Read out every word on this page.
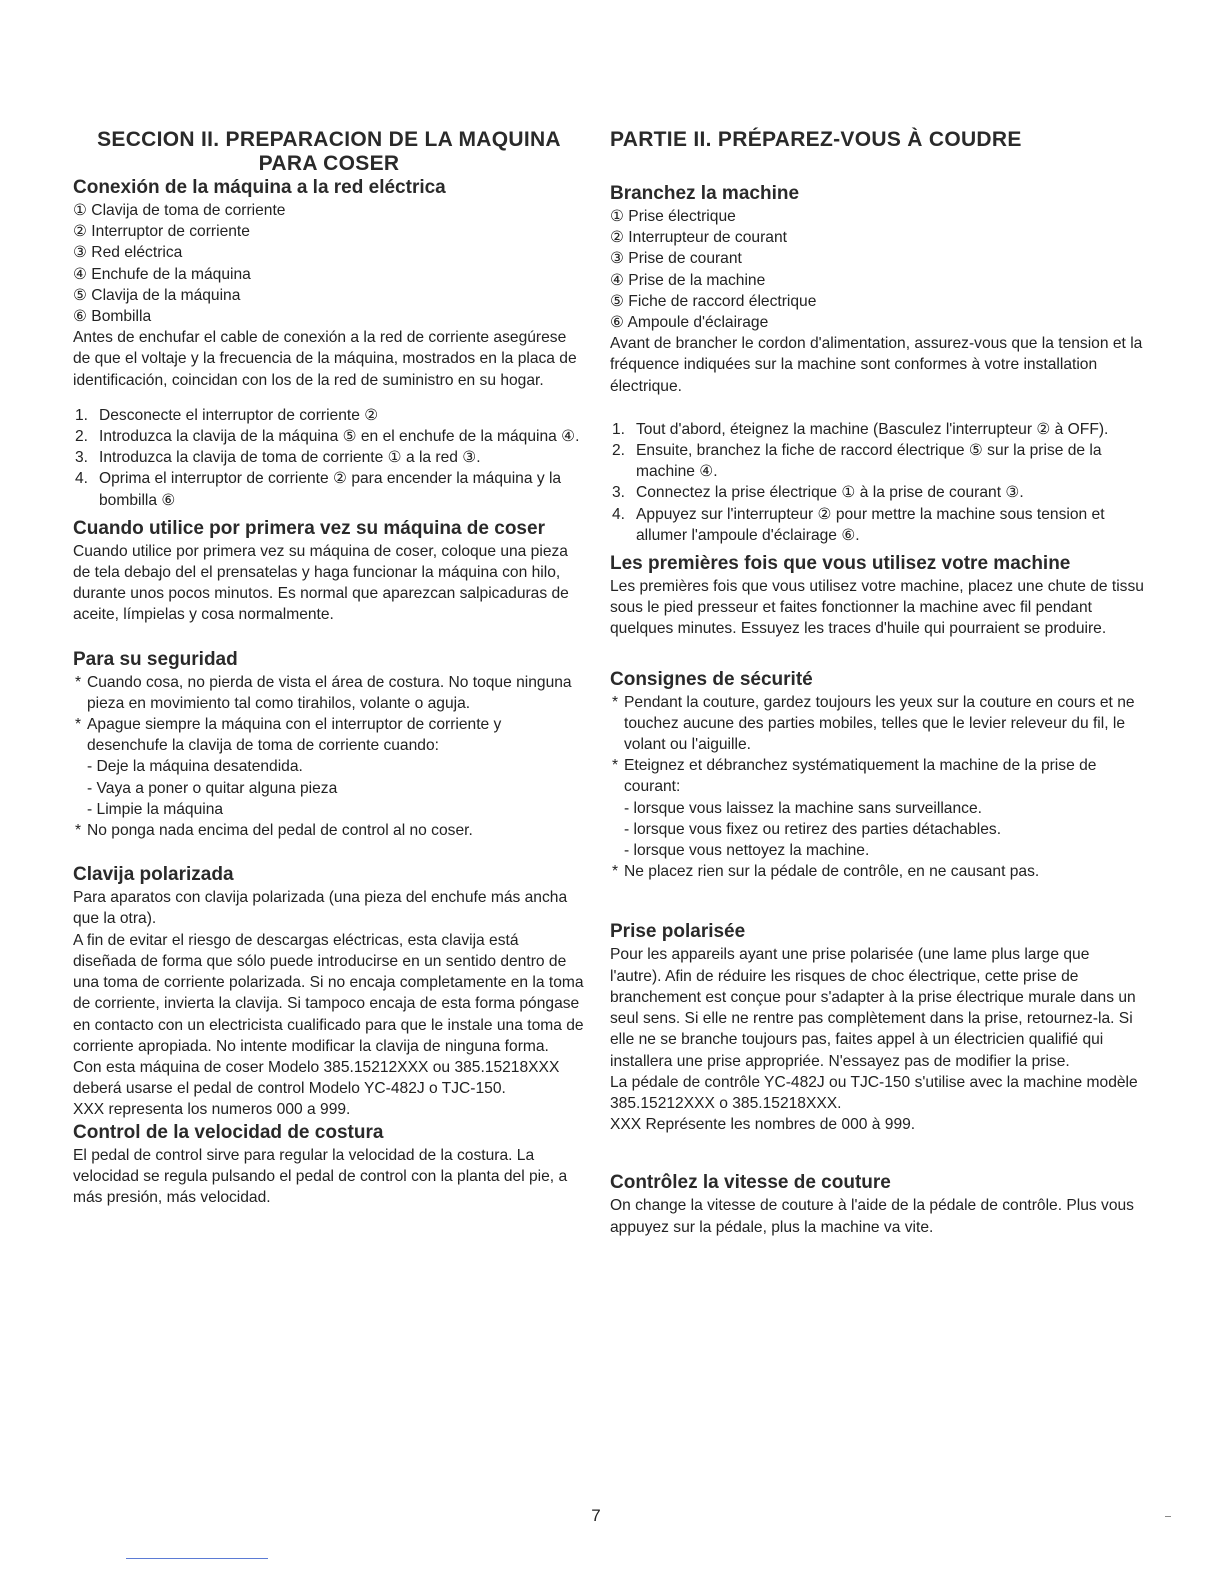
SECCION II. PREPARACION DE LA MAQUINA
PARA COSER
Conexión de la máquina a la red eléctrica
① Clavija de toma de corriente
② Interruptor de corriente
③ Red eléctrica
④ Enchufe de la máquina
⑤ Clavija de la máquina
⑥ Bombilla

Antes de enchufar el cable de conexión a la red de corriente asegúrese de que el voltaje y la frecuencia de la máquina, mostrados en la placa de identificación, coincidan con los de la red de suministro en su hogar.

1. Desconecte el interruptor de corriente ②
2. Introduzca la clavija de la máquina ⑤ en el enchufe de la máquina ④.
3. Introduzca la clavija de toma de corriente ① a la red ③.
4. Oprima el interruptor de corriente ② para encender la máquina y la bombilla ⑥
Cuando utilice por primera vez su máquina de coser

Cuando utilice por primera vez su máquina de coser, coloque una pieza de tela debajo del el prensatelas y haga funcionar la máquina con hilo, durante unos pocos minutos. Es normal que aparezcan salpicaduras de aceite, límpielas y cosa normalmente.

Para su seguridad
* Cuando cosa, no pierda de vista el área de costura. No toque ninguna pieza en movimiento tal como tirahilos, volante o aguja.
* Apague siempre la máquina con el interruptor de corriente y desenchufe la clavija de toma de corriente cuando:
- Deje la máquina desatendida.
- Vaya a poner o quitar alguna pieza
- Limpie la máquina
* No ponga nada encima del pedal de control al no coser.
Clavija polarizada

Para aparatos con clavija polarizada (una pieza del enchufe más ancha que la otra).

A fin de evitar el riesgo de descargas eléctricas, esta clavija está diseñada de forma que sólo puede introducirse en un sentido dentro de una toma de corriente polarizada. Si no encaja completamente en la toma de corriente, invierta la clavija. Si tampoco encaja de esta forma póngase en contacto con un electricista cualificado para que le instale una toma de corriente apropiada. No intente modificar la clavija de ninguna forma.

Con esta máquina de coser Modelo 385.15212XXX ou 385.15218XXX deberá usarse el pedal de control Modelo YC-482J o TJC-150.

XXX representa los numeros 000 a 999.

Control de la velocidad de costura

El pedal de control sirve para regular la velocidad de la costura. La velocidad se regula pulsando el pedal de control con la planta del pie, a más presión, más velocidad.

PARTIE II. PRÉPAREZ-VOUS À COUDRE
Branchez la machine
① Prise électrique
② Interrupteur de courant
③ Prise de courant
④ Prise de la machine
⑤ Fiche de raccord électrique
⑥ Ampoule d'éclairage

Avant de brancher le cordon d'alimentation, assurez-vous que la tension et la fréquence indiquées sur la machine sont conformes à votre installation électrique.

1. Tout d'abord, éteignez la machine (Basculez l'interrupteur ② à OFF).
2. Ensuite, branchez la fiche de raccord électrique ⑤ sur la prise de la machine ④.
3. Connectez la prise électrique ① à la prise de courant ③.
4. Appuyez sur l'interrupteur ② pour mettre la machine sous tension et allumer l'ampoule d'éclairage ⑥.
Les premières fois que vous utilisez votre machine

Les premières fois que vous utilisez votre machine, placez une chute de tissu sous le pied presseur et faites fonctionner la machine avec fil pendant quelques minutes. Essuyez les traces d'huile qui pourraient se produire.

Consignes de sécurité
* Pendant la couture, gardez toujours les yeux sur la couture en cours et ne touchez aucune des parties mobiles, telles que le levier releveur du fil, le volant ou l'aiguille.
* Eteignez et débranchez systématiquement la machine de la prise de courant:
- lorsque vous laissez la machine sans surveillance.
- lorsque vous fixez ou retirez des parties détachables.
- lorsque vous nettoyez la machine.
* Ne placez rien sur la pédale de contrôle, en ne causant pas.
Prise polarisée

Pour les appareils ayant une prise polarisée (une lame plus large que l'autre). Afin de réduire les risques de choc électrique, cette prise de branchement est conçue pour s'adapter à la prise électrique murale dans un seul sens. Si elle ne rentre pas complètement dans la prise, retournez-la. Si elle ne se branche toujours pas, faites appel à un électricien qualifié qui installera une prise appropriée. N'essayez pas de modifier la prise.

La pédale de contrôle YC-482J ou TJC-150 s'utilise avec la machine modèle 385.15212XXX o 385.15218XXX.

XXX Représente les nombres de 000 à 999.

Contrôlez la vitesse de couture

On change la vitesse de couture à l'aide de la pédale de contrôle. Plus vous appuyez sur la pédale, plus la machine va vite.

7
